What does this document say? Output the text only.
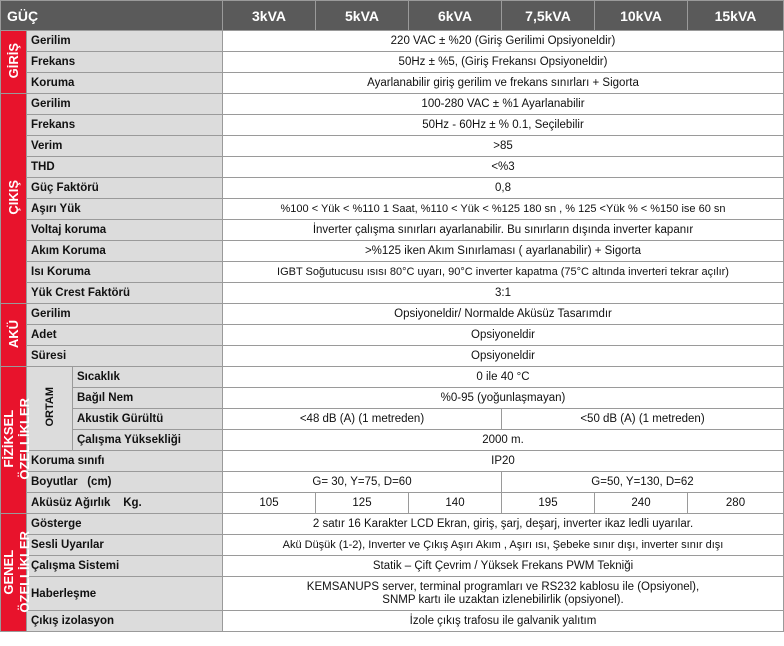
GÜÇ			3kVA	5kVA	6kVA	7,5kVA	10kVA	15kVA
GİRİŞ	Gerilim		220 VAC ± %20 (Giriş Gerilimi Opsiyoneldir)					
	Frekans		50Hz ± %5, (Giriş Frekansı Opsiyoneldir)					
	Koruma		Ayarlanabilir giriş gerilim ve frekans sınırları + Sigorta					
ÇIKIŞ	Gerilim		100-280 VAC ± %1 Ayarlanabilir					
	Frekans		50Hz - 60Hz ± % 0.1, Seçilebilir					
	Verim		>85					
	THD		<%3					
	Güç Faktörü		0,8					
	Aşırı Yük		%100 < Yük < %110 1 Saat, %110 < Yük < %125 180 sn , % 125 <Yük % < %150 ise 60 sn					
	Voltaj koruma		İnverter çalışma sınırları ayarlanabilir. Bu sınırların dışında inverter kapanır					
	Akım Koruma		>%125 iken Akım Sınırlaması ( ayarlanabilir) + Sigorta					
	Isı Koruma		IGBT Soğutucusu ısısı 80°C uyarı, 90°C inverter kapatma (75°C altında inverteri tekrar açılır)					
	Yük Crest Faktörü		3:1					
AKÜ	Gerilim		Opsiyoneldir/ Normalde Aküsüz Tasarımdır					
	Adet		Opsiyoneldir					
	Süresi		Opsiyoneldir					
FİZİKSEL
ÖZELLİKLER	ORTAM	Sıcaklık	0 ile 40 °C					
		Bağıl Nem	%0-95 (yoğunlaşmayan)					
		Akustik Gürültü	<48 dB (A) (1 metreden)			<50 dB (A) (1 metreden)		
		Çalışma Yüksekliği	2000 m.					
	Koruma sınıfı		IP20					
	Boyutlar   (cm)		G= 30, Y=75, D=60			G=50, Y=130, D=62		
	Aküsüz Ağırlık    Kg.		105	125	140	195	240	280
GENEL
ÖZELLİKLER	Gösterge		2 satır 16 Karakter LCD Ekran, giriş, şarj, deşarj, inverter ikaz ledli uyarılar.					
	Sesli Uyarılar		Akü Düşük (1-2), Inverter ve Çıkış Aşırı Akım , Aşırı ısı, Şebeke sınır dışı, inverter sınır dışı					
	Çalışma Sistemi		Statik – Çift Çevrim / Yüksek Frekans PWM Tekniği					
	Haberleşme		KEMSANUPS server, terminal programları ve RS232 kablosu ile (Opsiyonel),
SNMP kartı ile uzaktan izlenebilirlik (opsiyonel).					
	Çıkış izolasyon		İzole çıkış trafosu ile galvanik yalıtım					
